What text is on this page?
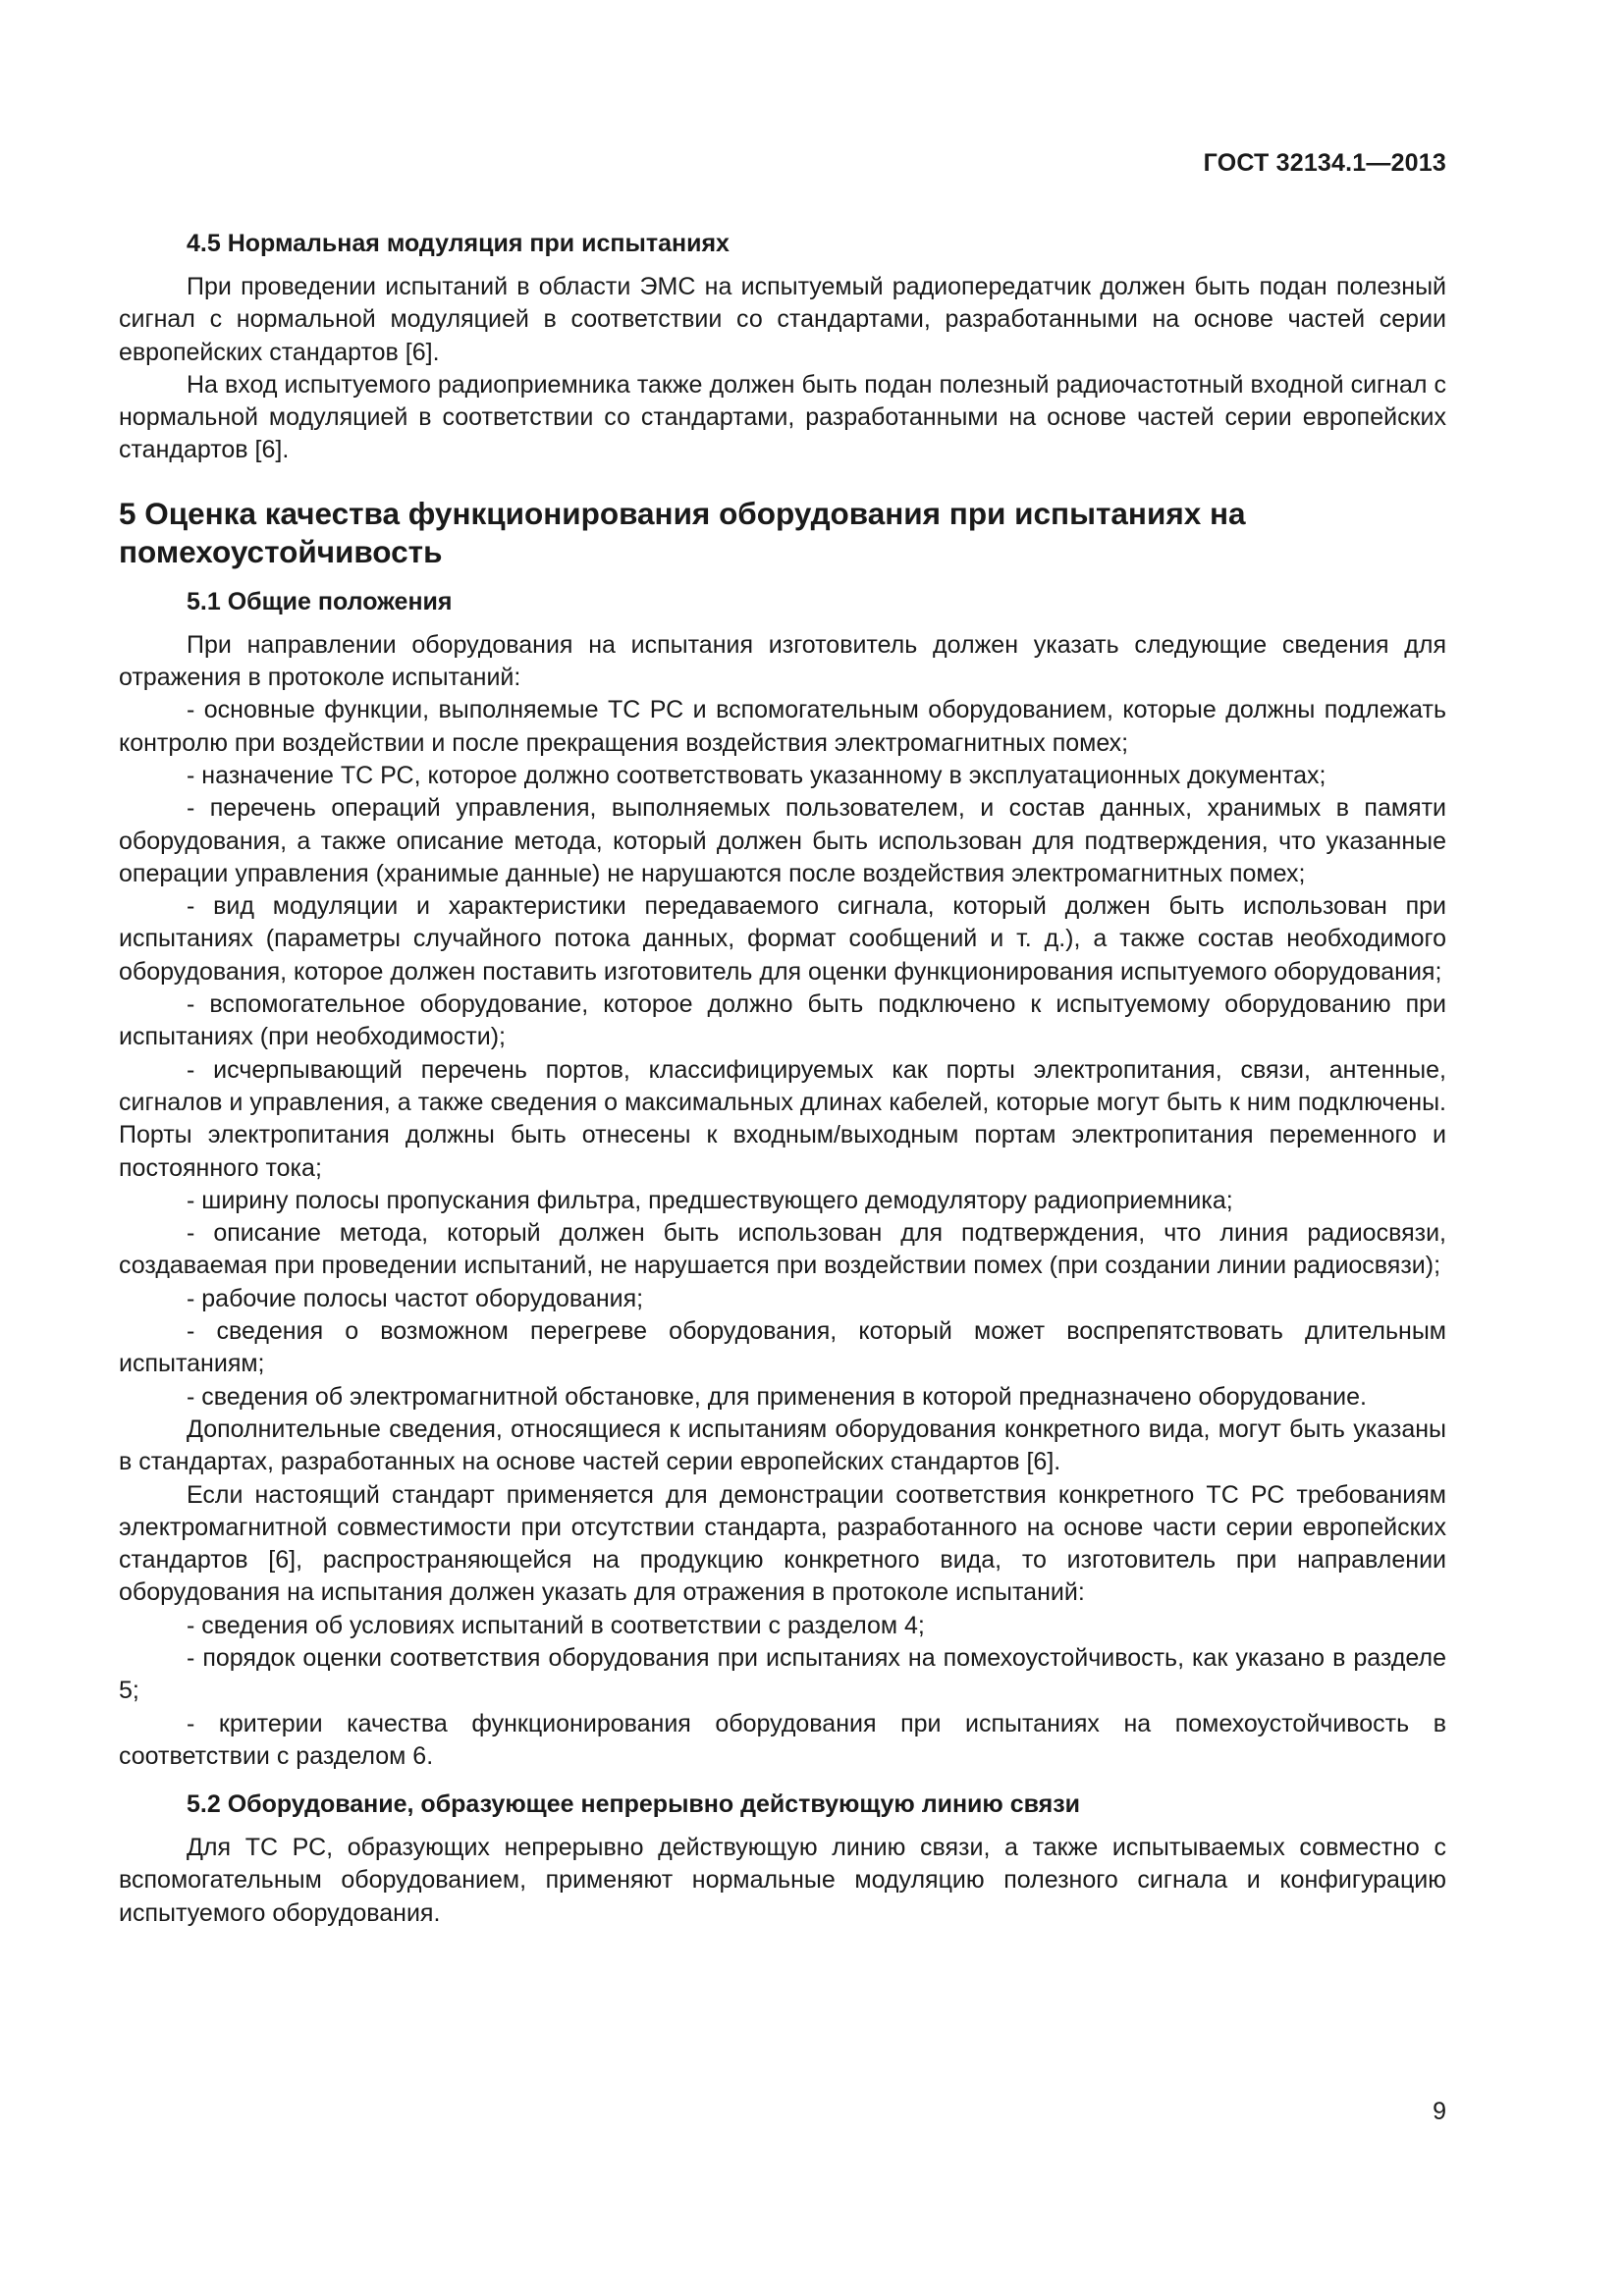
ГОСТ 32134.1—2013
4.5 Нормальная модуляция при испытаниях

При проведении испытаний в области ЭМС на испытуемый радиопередатчик должен быть подан полезный сигнал с нормальной модуляцией в соответствии со стандартами, разработанными на основе частей серии европейских стандартов [6].

На вход испытуемого радиоприемника также должен быть подан полезный радиочастотный входной сигнал с нормальной модуляцией в соответствии со стандартами, разработанными на основе частей серии европейских стандартов [6].

5 Оценка качества функционирования оборудования при испытаниях на помехоустойчивость
5.1 Общие положения

При направлении оборудования на испытания изготовитель должен указать следующие сведения для отражения в протоколе испытаний:

- основные функции, выполняемые ТС РС и вспомогательным оборудованием, которые должны подлежать контролю при воздействии и после прекращения воздействия электромагнитных помех;

- назначение ТС РС, которое должно соответствовать указанному в эксплуатационных документах;

- перечень операций управления, выполняемых пользователем, и состав данных, хранимых в памяти оборудования, а также описание метода, который должен быть использован для подтверждения, что указанные операции управления (хранимые данные) не нарушаются после воздействия электромагнитных помех;

- вид модуляции и характеристики передаваемого сигнала, который должен быть использован при испытаниях (параметры случайного потока данных, формат сообщений и т. д.), а также состав необходимого оборудования, которое должен поставить изготовитель для оценки функционирования испытуемого оборудования;

- вспомогательное оборудование, которое должно быть подключено к испытуемому оборудованию при испытаниях (при необходимости);

- исчерпывающий перечень портов, классифицируемых как порты электропитания, связи, антенные, сигналов и управления, а также сведения о максимальных длинах кабелей, которые могут быть к ним подключены. Порты электропитания должны быть отнесены к входным/выходным портам электропитания переменного и постоянного тока;

- ширину полосы пропускания фильтра, предшествующего демодулятору радиоприемника;

- описание метода, который должен быть использован для подтверждения, что линия радиосвязи, создаваемая при проведении испытаний, не нарушается при воздействии помех (при создании линии радиосвязи);

- рабочие полосы частот оборудования;

- сведения о возможном перегреве оборудования, который может воспрепятствовать длительным испытаниям;

- сведения об электромагнитной обстановке, для применения в которой предназначено оборудование.

Дополнительные сведения, относящиеся к испытаниям оборудования конкретного вида, могут быть указаны в стандартах, разработанных на основе частей серии европейских стандартов [6].

Если настоящий стандарт применяется для демонстрации соответствия конкретного ТС РС требованиям электромагнитной совместимости при отсутствии стандарта, разработанного на основе части серии европейских стандартов [6], распространяющейся на продукцию конкретного вида, то изготовитель при направлении оборудования на испытания должен указать для отражения в протоколе испытаний:

- сведения об условиях испытаний в соответствии с разделом 4;

- порядок оценки соответствия оборудования при испытаниях на помехоустойчивость, как указано в разделе 5;

- критерии качества функционирования оборудования при испытаниях на помехоустойчивость в соответствии с разделом 6.

5.2 Оборудование, образующее непрерывно действующую линию связи

Для ТС РС, образующих непрерывно действующую линию связи, а также испытываемых совместно с вспомогательным оборудованием, применяют нормальные модуляцию полезного сигнала и конфигурацию испытуемого оборудования.

9
